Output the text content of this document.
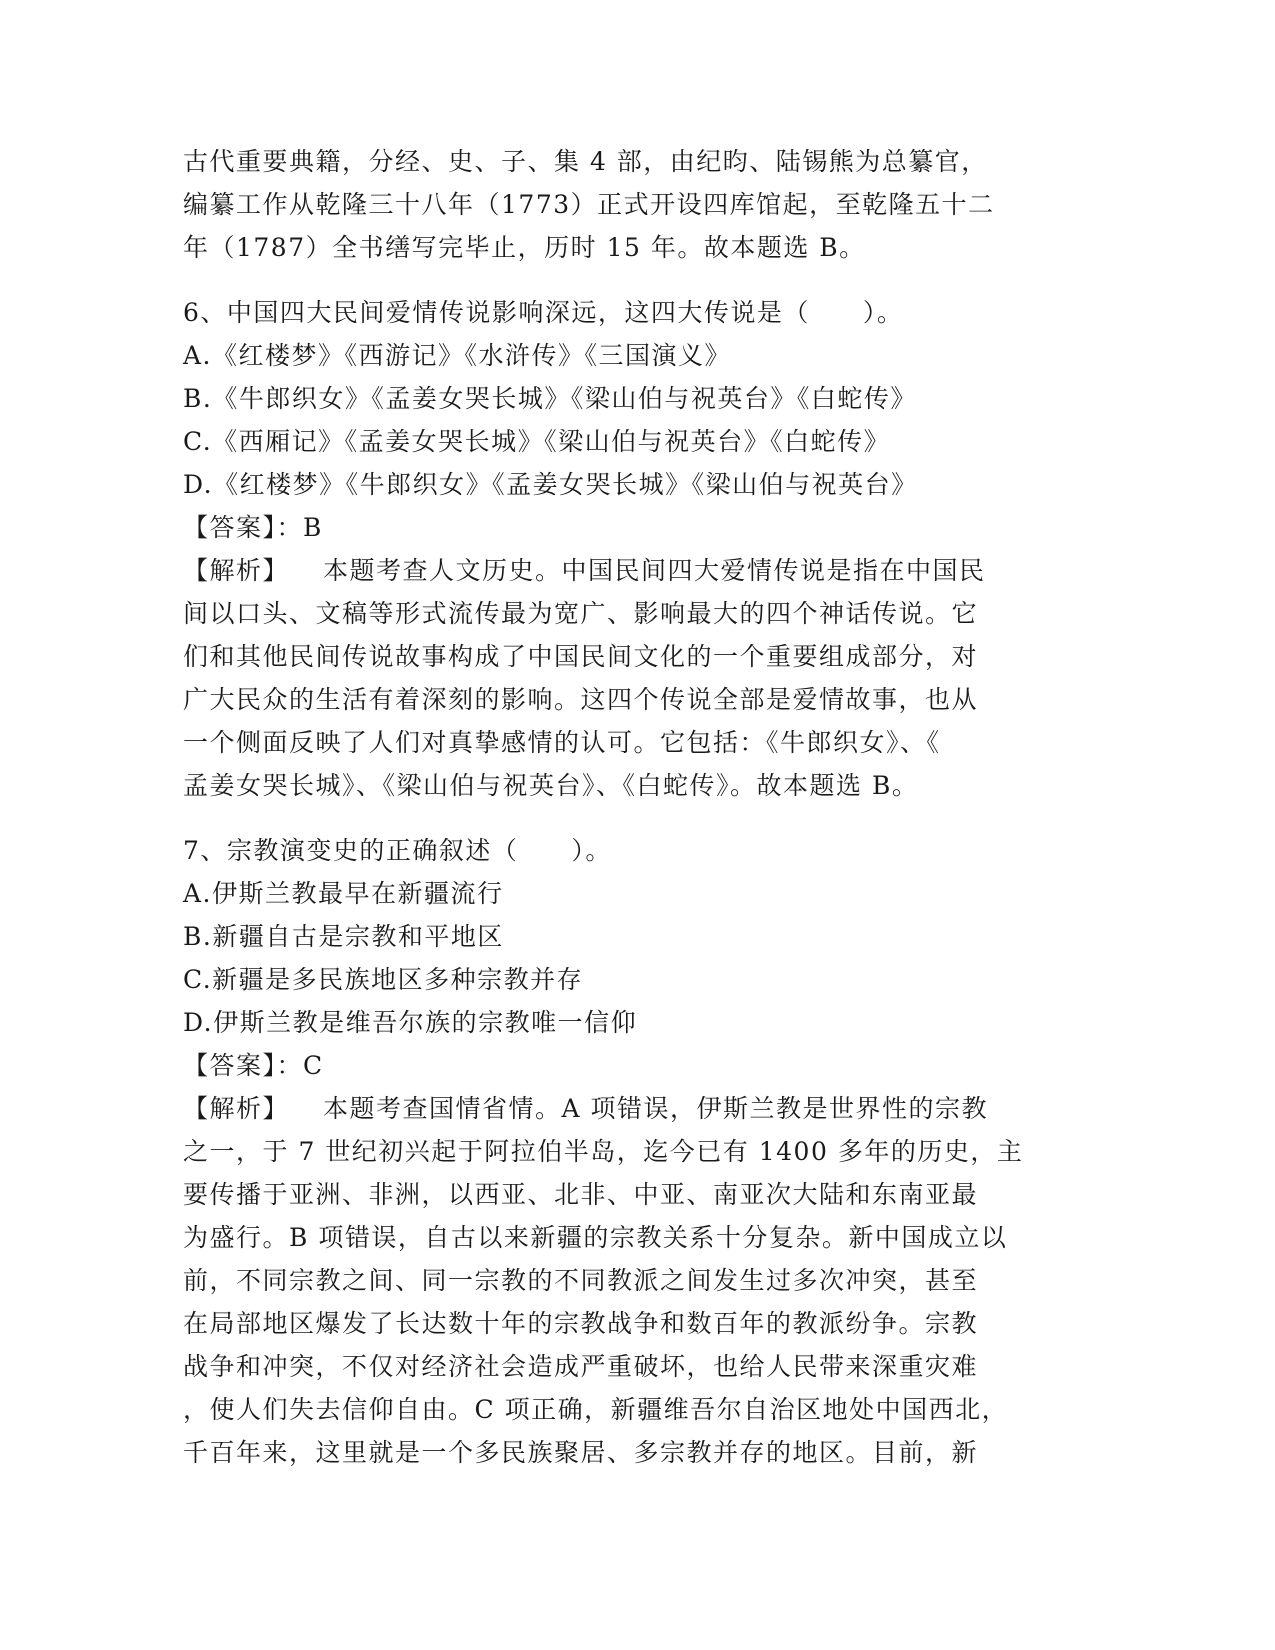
古代重要典籍，分经、史、子、集 4 部，由纪昀、陆锡熊为总纂官，
编纂工作从乾隆三十八年（1773）正式开设四库馆起，至乾隆五十二
年（1787）全书缮写完毕止，历时 15 年。故本题选 B。
6、中国四大民间爱情传说影响深远，这四大传说是（　　）。
A.《红楼梦》《西游记》《水浒传》《三国演义》
B.《牛郎织女》《孟姜女哭长城》《梁山伯与祝英台》《白蛇传》
C.《西厢记》《孟姜女哭长城》《梁山伯与祝英台》《白蛇传》
D.《红楼梦》《牛郎织女》《孟姜女哭长城》《梁山伯与祝英台》
【答案】：B
【解析】 本题考查人文历史。中国民间四大爱情传说是指在中国民
间以口头、文稿等形式流传最为宽广、影响最大的四个神话传说。它
们和其他民间传说故事构成了中国民间文化的一个重要组成部分，对
广大民众的生活有着深刻的影响。这四个传说全部是爱情故事，也从
一个侧面反映了人们对真挚感情的认可。它包括：《牛郎织女》、《
孟姜女哭长城》、《梁山伯与祝英台》、《白蛇传》。故本题选 B。
7、宗教演变史的正确叙述（　　）。
A.伊斯兰教最早在新疆流行
B.新疆自古是宗教和平地区
C.新疆是多民族地区多种宗教并存
D.伊斯兰教是维吾尔族的宗教唯一信仰
【答案】：C
【解析】 本题考查国情省情。A 项错误，伊斯兰教是世界性的宗教
之一，于 7 世纪初兴起于阿拉伯半岛，迄今已有 1400 多年的历史，主
要传播于亚洲、非洲，以西亚、北非、中亚、南亚次大陆和东南亚最
为盛行。B 项错误，自古以来新疆的宗教关系十分复杂。新中国成立以
前，不同宗教之间、同一宗教的不同教派之间发生过多次冲突，甚至
在局部地区爆发了长达数十年的宗教战争和数百年的教派纷争。宗教
战争和冲突，不仅对经济社会造成严重破坏，也给人民带来深重灾难
，使人们失去信仰自由。C 项正确，新疆维吾尔自治区地处中国西北，
千百年来，这里就是一个多民族聚居、多宗教并存的地区。目前，新
